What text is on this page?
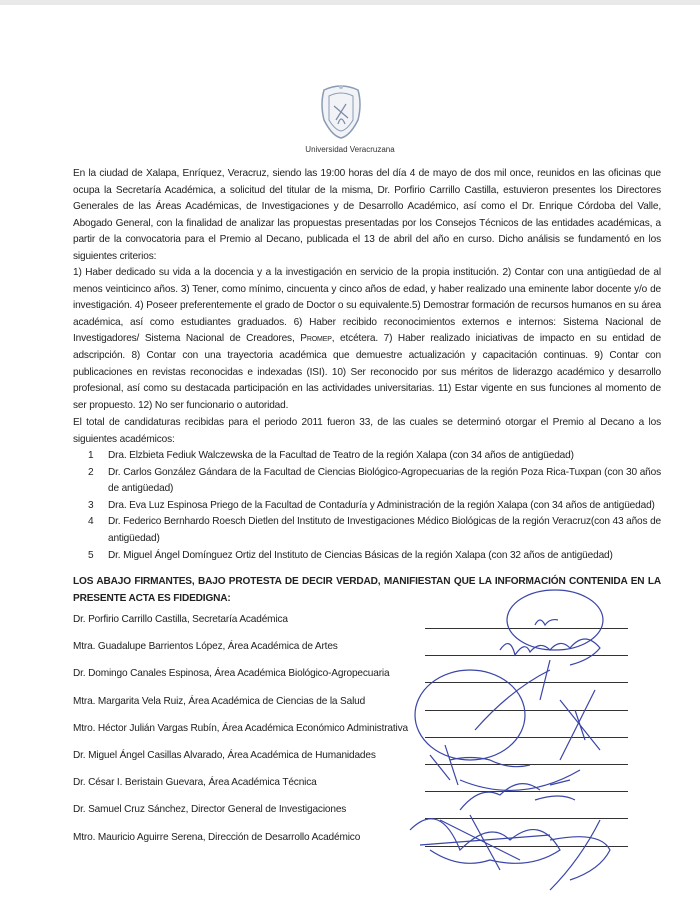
Universidad Veracruzana
En la ciudad de Xalapa, Enríquez, Veracruz, siendo las 19:00 horas del día 4 de mayo de dos mil once, reunidos en las oficinas que ocupa la Secretaría Académica, a solicitud del titular de la misma, Dr. Porfirio Carrillo Castilla, estuvieron presentes los Directores Generales de las Áreas Académicas, de Investigaciones y de Desarrollo Académico, así como el Dr. Enrique Córdoba del Valle, Abogado General, con la finalidad de analizar las propuestas presentadas por los Consejos Técnicos de las entidades académicas, a partir de la convocatoria para el Premio al Decano, publicada el 13 de abril del año en curso. Dicho análisis se fundamentó en los siguientes criterios:
1) Haber dedicado su vida a la docencia y a la investigación en servicio de la propia institución. 2) Contar con una antigüedad de al menos veinticinco años. 3) Tener, como mínimo, cincuenta y cinco años de edad, y haber realizado una eminente labor docente y/o de investigación. 4) Poseer preferentemente el grado de Doctor o su equivalente.5) Demostrar formación de recursos humanos en su área académica, así como estudiantes graduados. 6) Haber recibido reconocimientos externos e internos: Sistema Nacional de Investigadores/ Sistema Nacional de Creadores, Promep, etcétera. 7) Haber realizado iniciativas de impacto en su entidad de adscripción. 8) Contar con una trayectoria académica que demuestre actualización y capacitación continuas. 9) Contar con publicaciones en revistas reconocidas e indexadas (ISI). 10) Ser reconocido por sus méritos de liderazgo académico y desarrollo profesional, así como su destacada participación en las actividades universitarias. 11) Estar vigente en sus funciones al momento de ser propuesto. 12) No ser funcionario o autoridad.
El total de candidaturas recibidas para el periodo 2011 fueron 33, de las cuales se determinó otorgar el Premio al Decano a los siguientes académicos:
1	Dra. Elzbieta Fediuk Walczewska de la Facultad de Teatro de la región Xalapa (con 34 años de antigüedad)
2	Dr. Carlos González Gándara de la Facultad de Ciencias Biológico-Agropecuarias de la región Poza Rica-Tuxpan (con 30 años de antigüedad)
3	Dra. Eva Luz Espinosa Priego de la Facultad de Contaduría y Administración de la región Xalapa (con 34 años de antigüedad)
4	Dr. Federico Bernhardo Roesch Dietlen del Instituto de Investigaciones Médico Biológicas de la región Veracruz(con 43 años de antigüedad)
5	Dr. Miguel Ángel Domínguez Ortiz del Instituto de Ciencias Básicas de la región Xalapa (con 32 años de antigüedad)
LOS ABAJO FIRMANTES, BAJO PROTESTA DE DECIR VERDAD, MANIFIESTAN QUE LA INFORMACIÓN CONTENIDA EN LA PRESENTE ACTA ES FIDEDIGNA:
Dr. Porfirio Carrillo Castilla, Secretaría Académica
Mtra. Guadalupe Barrientos López, Área Académica de Artes
Dr. Domingo Canales Espinosa, Área Académica Biológico-Agropecuaria
Mtra. Margarita Vela Ruiz, Área Académica de Ciencias de la Salud
Mtro. Héctor Julián Vargas Rubín, Área Académica Económico Administrativa
Dr. Miguel Ángel Casillas Alvarado, Área Académica de Humanidades
Dr. César I. Beristain Guevara, Área Académica Técnica
Dr. Samuel Cruz Sánchez, Director General de Investigaciones
Mtro. Mauricio Aguirre Serena, Dirección de Desarrollo Académico
